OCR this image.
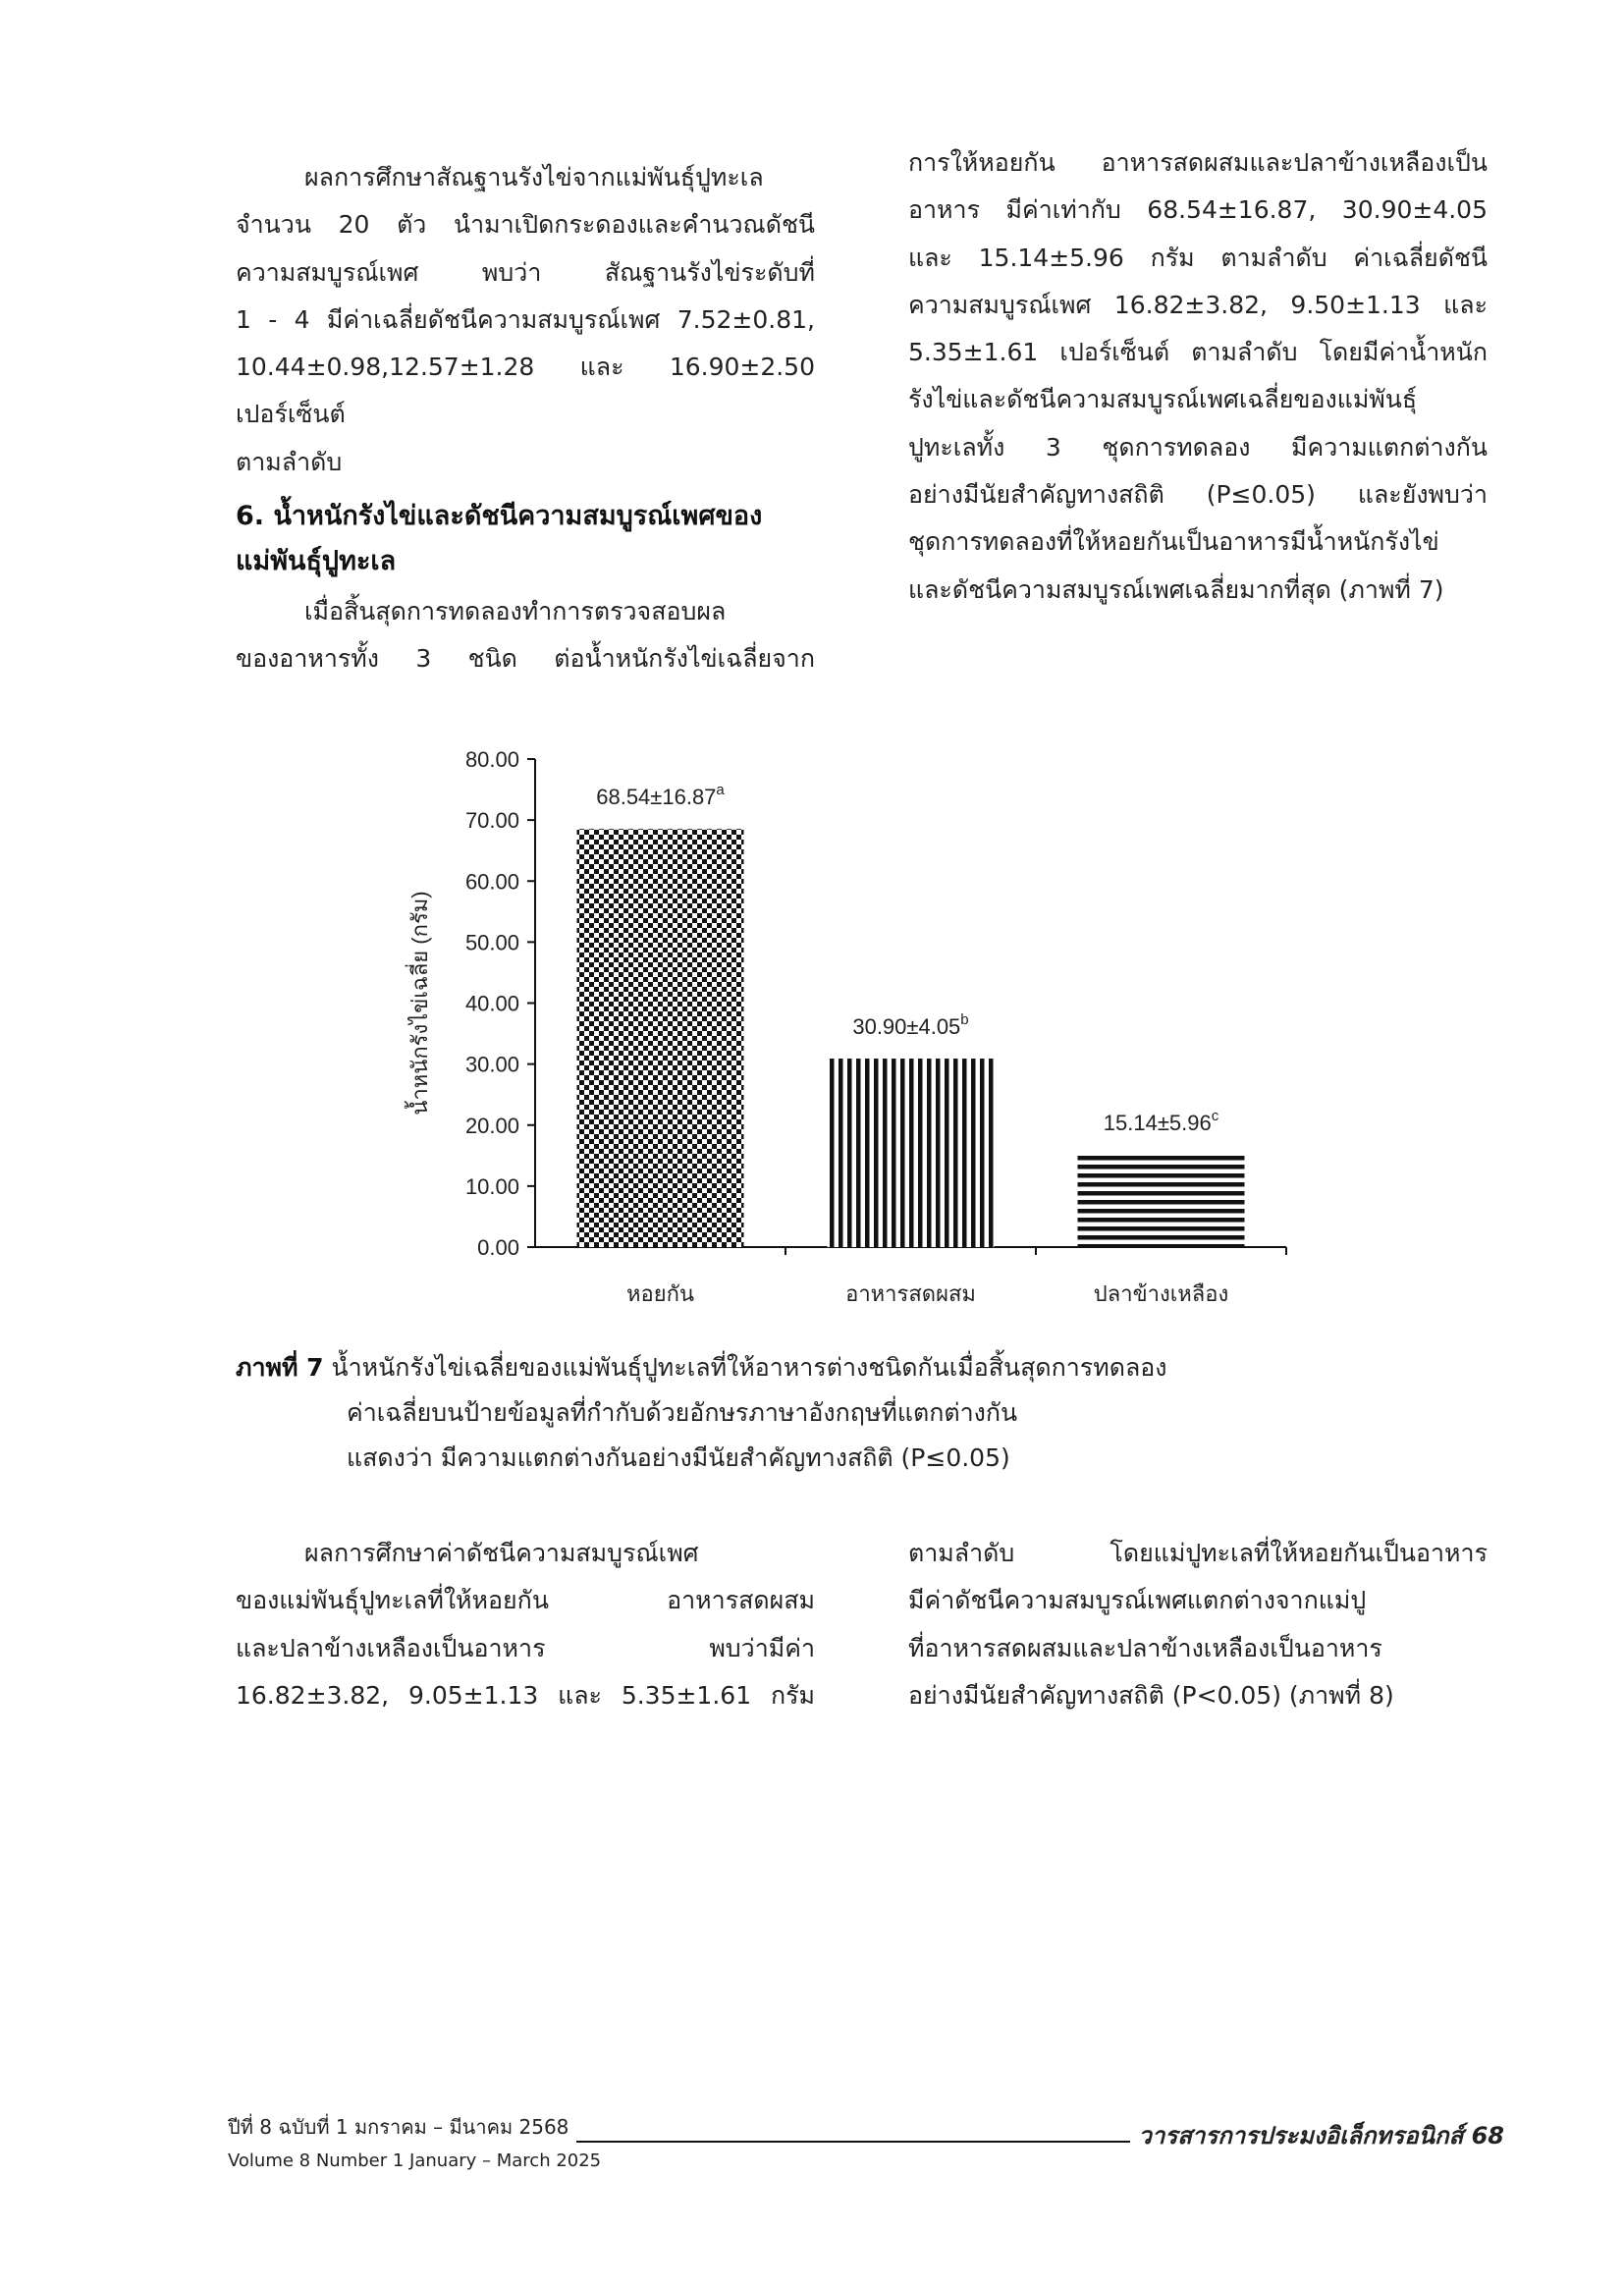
ผลการศึกษาสัณฐานรังไข่จากแม่พันธุ์ปูทะเล

จำนวน 20 ตัว นำมาเปิดกระดองและคำนวณดัชนี

ความสมบูรณ์เพศ พบว่า สัณฐานรังไข่ระดับที่

1 - 4 มีค่าเฉลี่ยดัชนีความสมบูรณ์เพศ 7.52±0.81,

10.44±0.98,12.57±1.28 และ 16.90±2.50 เปอร์เซ็นต์

ตามลำดับ

6. น้ำหนักรังไข่และดัชนีความสมบูรณ์เพศของ
แม่พันธุ์ปูทะเล

เมื่อสิ้นสุดการทดลองทำการตรวจสอบผล

ของอาหารทั้ง 3 ชนิด ต่อน้ำหนักรังไข่เฉลี่ยจาก

การให้หอยกัน อาหารสดผสมและปลาข้างเหลืองเป็น

อาหาร มีค่าเท่ากับ 68.54±16.87, 30.90±4.05

และ 15.14±5.96 กรัม ตามลำดับ ค่าเฉลี่ยดัชนี

ความสมบูรณ์เพศ 16.82±3.82, 9.50±1.13 และ

5.35±1.61 เปอร์เซ็นต์ ตามลำดับ โดยมีค่าน้ำหนัก

รังไข่และดัชนีความสมบูรณ์เพศเฉลี่ยของแม่พันธุ์

ปูทะเลทั้ง 3 ชุดการทดลอง มีความแตกต่างกัน

อย่างมีนัยสำคัญทางสถิติ (P≤0.05) และยังพบว่า

ชุดการทดลองที่ให้หอยกันเป็นอาหารมีน้ำหนักรังไข่

และดัชนีความสมบูรณ์เพศเฉลี่ยมากที่สุด (ภาพที่ 7)

น้ำหนักรังไข่เฉลี่ย (กรัม)
0.00
10.00
20.00
30.00
40.00
50.00
60.00
70.00
80.00
หอยกัน
68.54±16.87$^a$
อาหารสดผสม
30.90±4.05$^b$
ปลาข้างเหลือง
15.14±5.96$^c$
ภาพที่ 7 น้ำหนักรังไข่เฉลี่ยของแม่พันธุ์ปูทะเลที่ให้อาหารต่างชนิดกันเมื่อสิ้นสุดการทดลอง
ค่าเฉลี่ยบนป้ายข้อมูลที่กำกับด้วยอักษรภาษาอังกฤษที่แตกต่างกัน
แสดงว่า มีความแตกต่างกันอย่างมีนัยสำคัญทางสถิติ (P≤0.05)

ผลการศึกษาค่าดัชนีความสมบูรณ์เพศ

ของแม่พันธุ์ปูทะเลที่ให้หอยกัน อาหารสดผสม

และปลาข้างเหลืองเป็นอาหาร พบว่ามีค่า

16.82±3.82, 9.05±1.13 และ 5.35±1.61 กรัม

ตามลำดับ โดยแม่ปูทะเลที่ให้หอยกันเป็นอาหาร

มีค่าดัชนีความสมบูรณ์เพศแตกต่างจากแม่ปู

ที่อาหารสดผสมและปลาข้างเหลืองเป็นอาหาร

อย่างมีนัยสำคัญทางสถิติ (P<0.05) (ภาพที่ 8)

ปีที่ 8 ฉบับที่ 1 มกราคม – มีนาคม 2568
Volume 8 Number 1 January – March 2025
วารสารการประมงอิเล็กทรอนิกส์ 68
